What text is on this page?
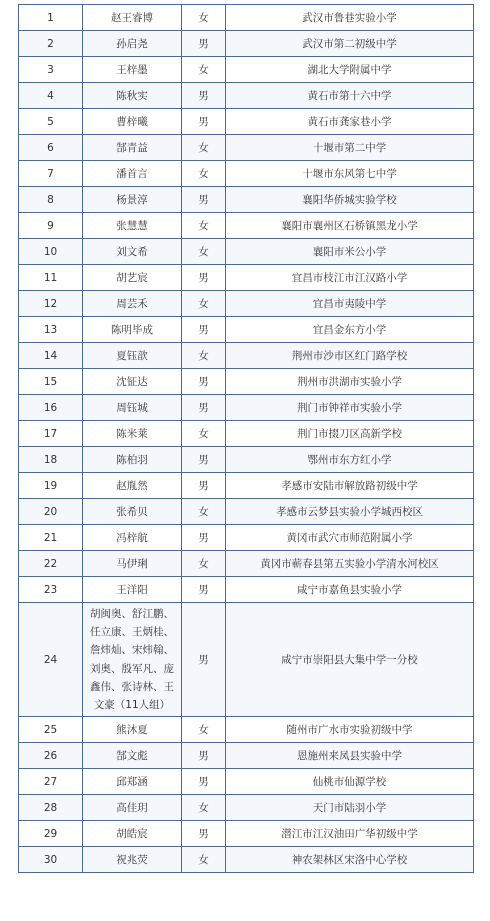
1	赵王睿博	女	武汉市鲁巷实验小学
2	孙启尧	男	武汉市第二初级中学
3	王梓墨	女	湖北大学附属中学
4	陈秋实	男	黄石市第十六中学
5	曹梓曦	男	黄石市龚家巷小学
6	郜青益	女	十堰市第二中学
7	潘首言	女	十堰市东风第七中学
8	杨景淳	男	襄阳华侨城实验学校
9	张慧慧	女	襄阳市襄州区石桥镇黑龙小学
10	刘文希	女	襄阳市米公小学
11	胡艺宸	男	宜昌市枝江市江汉路小学
12	周芸禾	女	宜昌市夷陵中学
13	陈明毕成	男	宜昌金东方小学
14	夏钰歆	女	荆州市沙市区红门路学校
15	沈钲达	男	荆州市洪湖市实验小学
16	周钰城	男	荆门市钟祥市实验小学
17	陈米莱	女	荆门市掇刀区高新学校
18	陈柏羽	男	鄂州市东方红小学
19	赵胤然	男	孝感市安陆市解放路初级中学
20	张希贝	女	孝感市云梦县实验小学城西校区
21	冯梓航	男	黄冈市武穴市师范附属小学
22	马伊琍	女	黄冈市蕲春县第五实验小学清水河校区
23	王洋阳	男	咸宁市嘉鱼县实验小学
24	胡闽奥、舒江鹏、任立康、王炳桂、詹炜灿、宋炜翰、刘奥、殷军凡、庞鑫伟、张诗林、王文豪（11人组）	男	咸宁市崇阳县大集中学一分校
25	熊沐夏	女	随州市广水市实验初级中学
26	郜文彪	男	恩施州来凤县实验中学
27	邱郑涵	男	仙桃市仙源学校
28	高佳玥	女	天门市陆羽小学
29	胡皓宸	男	潜江市江汉油田广华初级中学
30	祝兆荧	女	神农架林区宋洛中心学校
